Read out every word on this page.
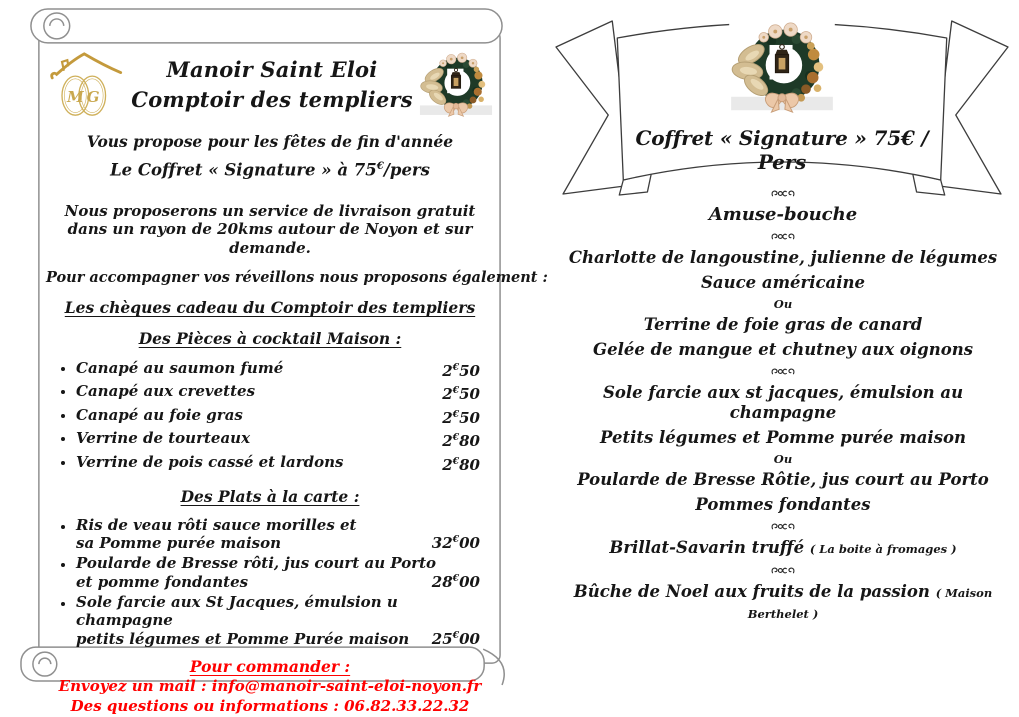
Manoir Saint Eloi
Comptoir des templiers
Vous propose pour les fêtes de fin d'année
Le Coffret « Signature » à 75€/pers
Nous proposerons un service de livraison gratuit dans un rayon de 20kms autour de Noyon et sur demande.
Pour accompagner vos réveillons nous proposons également :
Les chèques cadeau du Comptoir des templiers
Des Pièces à cocktail Maison :
Canapé au saumon fumé	2€50
Canapé aux crevettes	2€50
Canapé au foie gras	2€50
Verrine de tourteaux	2€80
Verrine de pois cassé et lardons	2€80
Des Plats à la carte :
Ris de veau rôti sauce morilles et
sa Pomme purée maison	32€00
Poularde de Bresse rôti, jus court au Porto
et pomme fondantes	28€00
Sole farcie aux St Jacques, émulsion u champagne
petits légumes et Pomme Purée maison	25€00
Pour commander :
Envoyez un mail : info@manoir-saint-eloi-noyon.fr
Des questions ou informations : 06.82.33.22.32
Coffret « Signature » 75€ / Pers
Amuse-bouche
Charlotte de langoustine, julienne de légumes
Sauce américaine
Ou
Terrine de foie gras de canard
Gelée de mangue et chutney aux oignons
Sole farcie aux st jacques, émulsion au champagne
Petits légumes et Pomme purée maison
Ou
Poularde de Bresse Rôtie, jus court au Porto
Pommes fondantes
Brillat-Savarin truffé ( La boite à fromages )
Bûche de Noel aux fruits de la passion ( Maison Berthelet )
